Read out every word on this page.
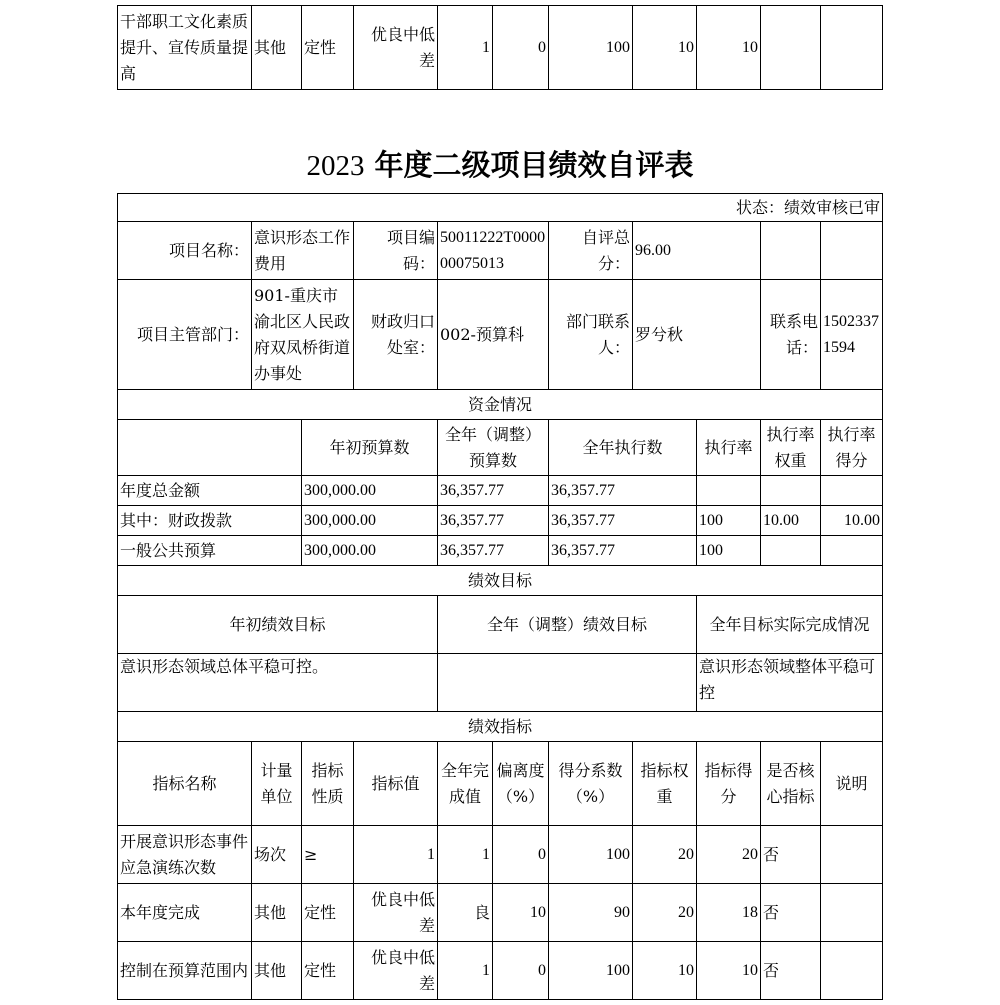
干部职工文化素质提升、宣传质量提高	其他	定性	优良中低差	1	0	100	10	10		
2023 年度二级项目绩效自评表
状态：绩效审核已审										
项目名称：	意识形态工作费用		项目编码：	50011222T000000075013		自评总分：	96.00			
项目主管部门：	901-重庆市渝北区人民政府双凤桥街道办事处		财政归口处室：	002-预算科		部门联系人：	罗兮秋		联系电话：	15023371594
资金情况										
		年初预算数		全年（调整）预算数		全年执行数		执行率	执行率权重	执行率得分
年度总金额		300,000.00		36,357.77		36,357.77				
其中：财政拨款		300,000.00		36,357.77		36,357.77		100	10.00	10.00
一般公共预算		300,000.00		36,357.77		36,357.77		100		
绩效目标										
年初绩效目标				全年（调整）绩效目标				全年目标实际完成情况		
意识形态领域总体平稳可控。								意识形态领域整体平稳可控		
绩效指标										
指标名称	计量单位	指标性质	指标值	全年完成值	偏离度（%）	得分系数（%）	指标权重	指标得分	是否核心指标	说明
开展意识形态事件应急演练次数	场次	≥	1	1	0	100	20	20	否	
本年度完成	其他	定性	优良中低差	良	10	90	20	18	否	
控制在预算范围内	其他	定性	优良中低差	1	0	100	10	10	否	
